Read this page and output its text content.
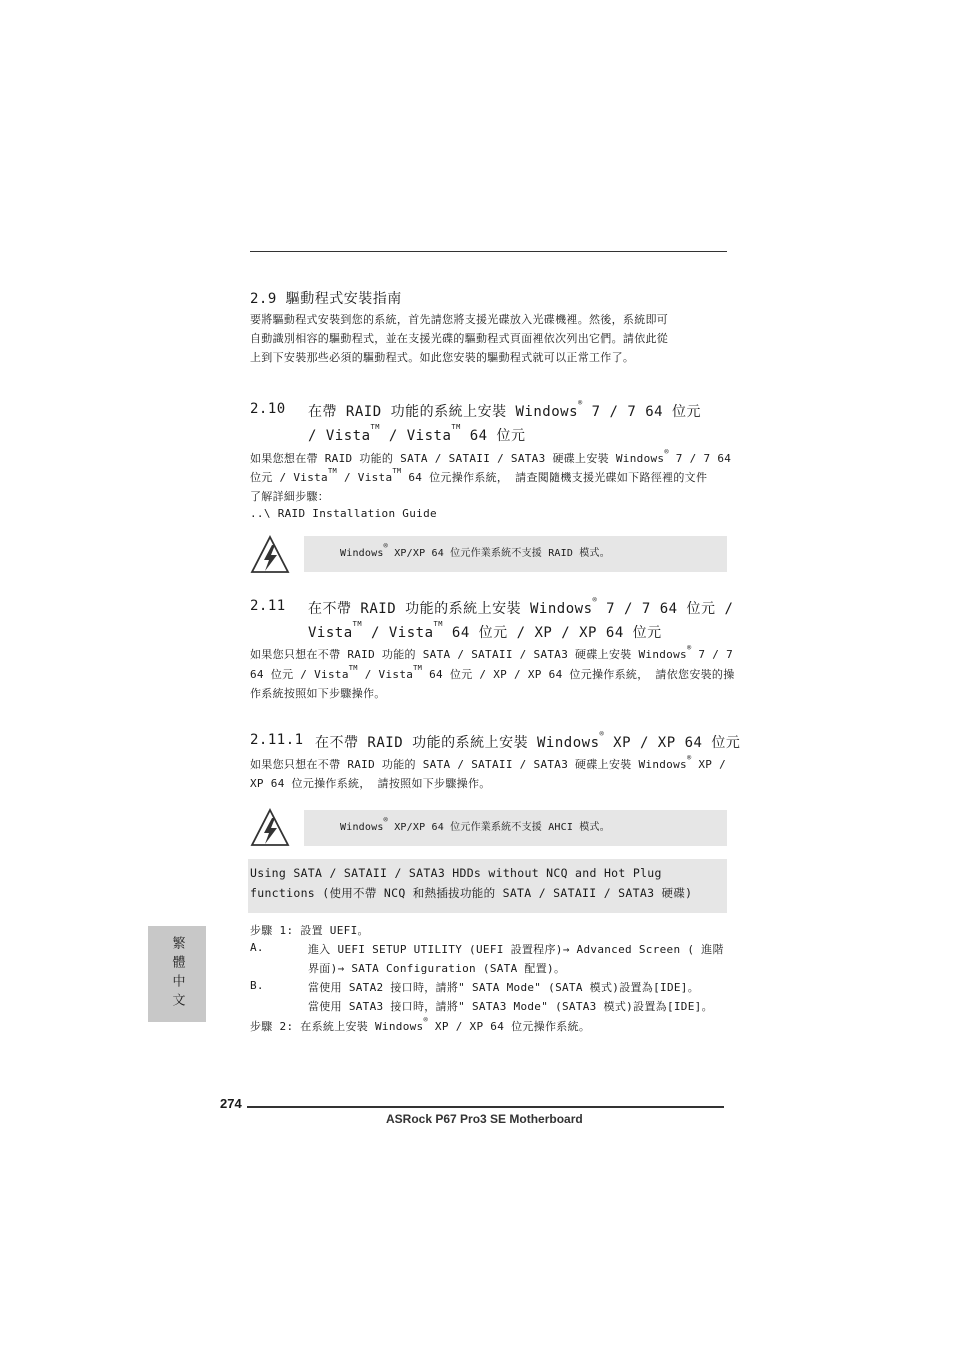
2.9 驅動程式安裝指南
要將驅動程式安裝到您的系統，首先請您將支援光碟放入光碟機裡。然後，系統即可
自動識別相容的驅動程式，並在支援光碟的驅動程式頁面裡依次列出它們。請依此從
上到下安裝那些必須的驅動程式。如此您安裝的驅動程式就可以正常工作了。
2.10 在帶 RAID 功能的系統上安裝 Windows® 7 / 7 64 位元
/ Vista™ / Vista™ 64 位元
如果您想在帶 RAID 功能的 SATA / SATAII / SATA3 硬碟上安裝 Windows® 7 / 7 64
位元 / Vista™ / Vista™ 64 位元操作系統， 請查閱隨機支援光碟如下路徑裡的文件
了解詳細步驟：
..\ RAID Installation Guide
Windows® XP/XP 64 位元作業系統不支援 RAID 模式。
2.11 在不帶 RAID 功能的系統上安裝 Windows® 7 / 7 64 位元 /
Vista™ / Vista™ 64 位元 / XP / XP 64 位元
如果您只想在不帶 RAID 功能的 SATA / SATAII / SATA3 硬碟上安裝 Windows® 7 / 7
64 位元 / Vista™ / Vista™ 64 位元 / XP / XP 64 位元操作系統， 請依您安裝的操
作系統按照如下步驟操作。
2.11.1 在不帶 RAID 功能的系統上安裝 Windows® XP / XP 64 位元
如果您只想在不帶 RAID 功能的 SATA / SATAII / SATA3 硬碟上安裝 Windows® XP /
XP 64 位元操作系統， 請按照如下步驟操作。
Windows® XP/XP 64 位元作業系統不支援 AHCI 模式。
Using SATA / SATAII / SATA3 HDDs without NCQ and Hot Plug
functions (使用不帶 NCQ 和熱插拔功能的 SATA / SATAII / SATA3 硬碟)
步驟 1: 設置 UEFI。
A.	進入 UEFI SETUP UTILITY (UEFI 設置程序)→ Advanced Screen ( 進階
界面)→ SATA Configuration (SATA 配置)。
B.	當使用 SATA2 接口時，請將" SATA Mode" (SATA 模式)設置為[IDE]。
當使用 SATA3 接口時，請將" SATA3 Mode" (SATA3 模式)設置為[IDE]。
步驟 2: 在系統上安裝 Windows® XP / XP 64 位元操作系統。
繁體中文
274
ASRock P67 Pro3 SE Motherboard
